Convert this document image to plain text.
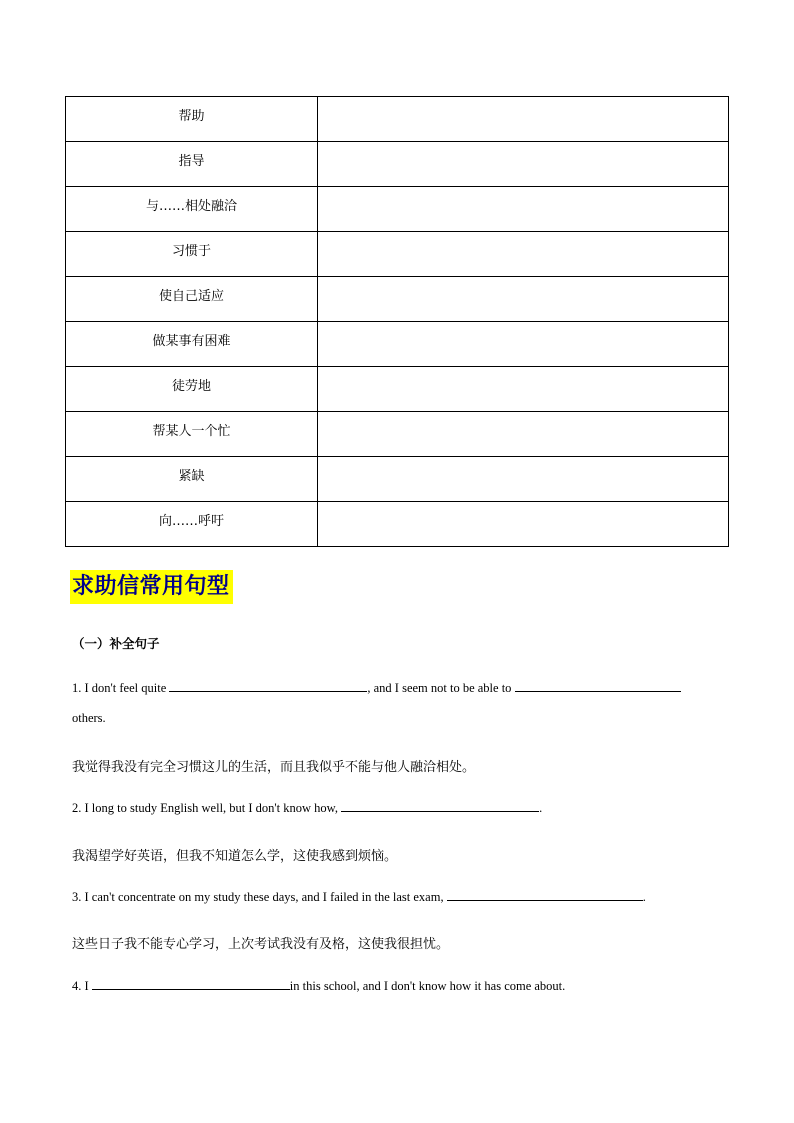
帮助	
指导	
与……相处融洽	
习惯于	
使自己适应	
做某事有困难	
徒劳地	
帮某人一个忙	
紧缺	
向……呼吁	
求助信常用句型
（一）补全句子
1. I don't feel quite	, and I seem not to be able to
others.
我觉得我没有完全习惯这儿的生活，而且我似乎不能与他人融洽相处。
2. I long to study English well, but I don't know how,	.
我渴望学好英语，但我不知道怎么学，这使我感到烦恼。
3. I can't concentrate on my study these days, and I failed in the last exam,	.
这些日子我不能专心学习，上次考试我没有及格，这使我很担忧。
4. I	in this school, and I don't know how it has come about.
